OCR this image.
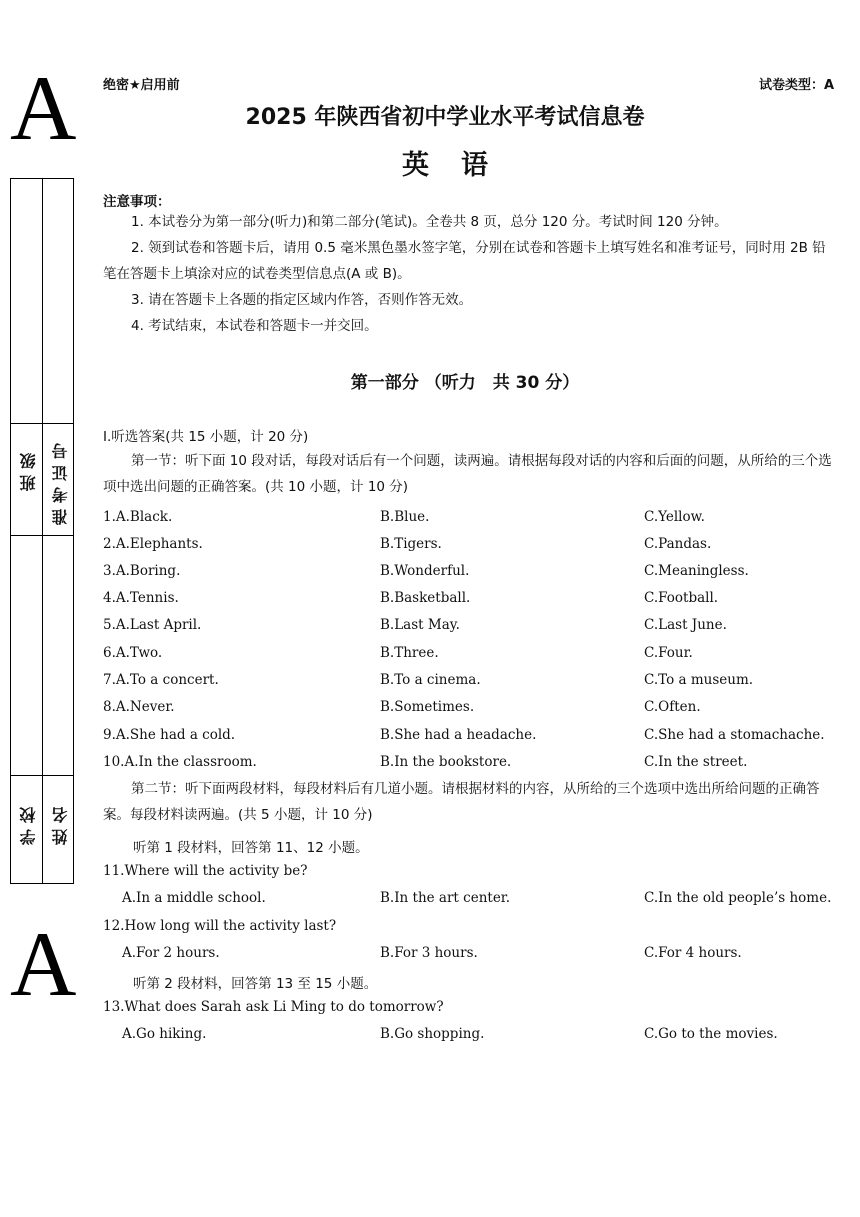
A
A
班级 准考证号
学校 姓名
绝密★启用前	试卷类型：A
2025 年陕西省初中学业水平考试信息卷
英语
注意事项：
1. 本试卷分为第一部分(听力)和第二部分(笔试)。全卷共 8 页，总分 120 分。考试时间 120 分钟。
2. 领到试卷和答题卡后，请用 0.5 毫米黑色墨水签字笔，分别在试卷和答题卡上填写姓名和准考证号，同时用 2B 铅笔在答题卡上填涂对应的试卷类型信息点(A 或 B)。
3. 请在答题卡上各题的指定区域内作答，否则作答无效。
4. 考试结束，本试卷和答题卡一并交回。
第一部分 （听力　共 30 分）
Ⅰ.听选答案(共 15 小题，计 20 分)
第一节：听下面 10 段对话，每段对话后有一个问题，读两遍。请根据每段对话的内容和后面的问题，从所给的三个选项中选出问题的正确答案。(共 10 小题，计 10 分)
1.A.Black.	B.Blue.	C.Yellow.
2.A.Elephants.	B.Tigers.	C.Pandas.
3.A.Boring.	B.Wonderful.	C.Meaningless.
4.A.Tennis.	B.Basketball.	C.Football.
5.A.Last April.	B.Last May.	C.Last June.
6.A.Two.	B.Three.	C.Four.
7.A.To a concert.	B.To a cinema.	C.To a museum.
8.A.Never.	B.Sometimes.	C.Often.
9.A.She had a cold.	B.She had a headache.	C.She had a stomachache.
10.A.In the classroom.	B.In the bookstore.	C.In the street.
第二节：听下面两段材料，每段材料后有几道小题。请根据材料的内容，从所给的三个选项中选出所给问题的正确答案。每段材料读两遍。(共 5 小题，计 10 分)
听第 1 段材料，回答第 11、12 小题。
11.Where will the activity be?
A.In a middle school.	B.In the art center.	C.In the old people’s home.
12.How long will the activity last?
A.For 2 hours.	B.For 3 hours.	C.For 4 hours.
听第 2 段材料，回答第 13 至 15 小题。
13.What does Sarah ask Li Ming to do tomorrow?
A.Go hiking.	B.Go shopping.	C.Go to the movies.
